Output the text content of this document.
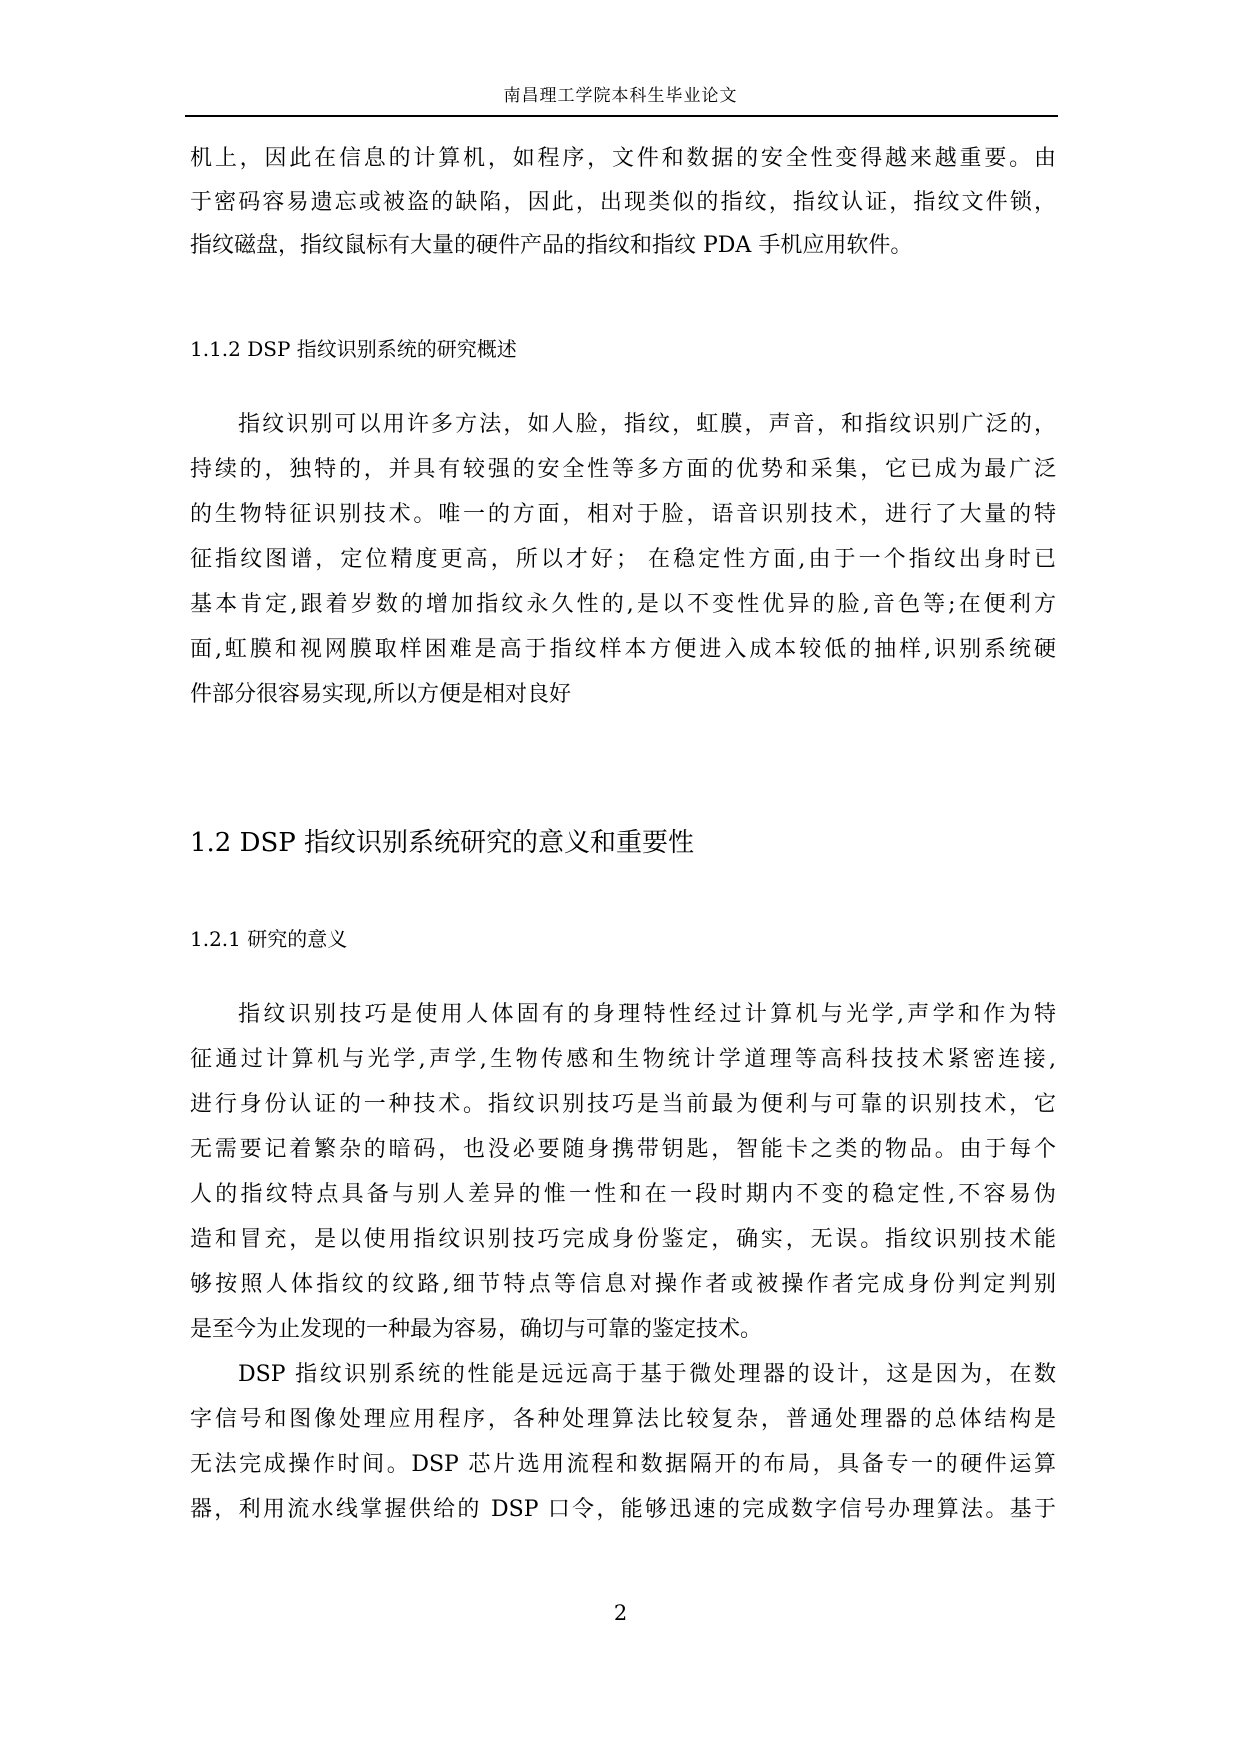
南昌理工学院本科生毕业论文
机上，因此在信息的计算机，如程序，文件和数据的安全性变得越来越重要。由
于密码容易遗忘或被盗的缺陷，因此，出现类似的指纹，指纹认证，指纹文件锁，
指纹磁盘，指纹鼠标有大量的硬件产品的指纹和指纹 PDA 手机应用软件。
1.1.2 DSP 指纹识别系统的研究概述
指纹识别可以用许多方法，如人脸，指纹，虹膜，声音，和指纹识别广泛的，
持续的，独特的，并具有较强的安全性等多方面的优势和采集，它已成为最广泛
的生物特征识别技术。唯一的方面，相对于脸，语音识别技术，进行了大量的特
征指纹图谱，定位精度更高，所以才好； 在稳定性方面,由于一个指纹出身时已
基本肯定,跟着岁数的增加指纹永久性的,是以不变性优异的脸,音色等;在便利方
面,虹膜和视网膜取样困难是高于指纹样本方便进入成本较低的抽样,识别系统硬
件部分很容易实现,所以方便是相对良好
1.2 DSP 指纹识别系统研究的意义和重要性
1.2.1 研究的意义
指纹识别技巧是使用人体固有的身理特性经过计算机与光学,声学和作为特
征通过计算机与光学,声学,生物传感和生物统计学道理等高科技技术紧密连接,
进行身份认证的一种技术。指纹识别技巧是当前最为便利与可靠的识别技术，它
无需要记着繁杂的暗码，也没必要随身携带钥匙，智能卡之类的物品。由于每个
人的指纹特点具备与别人差异的惟一性和在一段时期内不变的稳定性,不容易伪
造和冒充，是以使用指纹识别技巧完成身份鉴定，确实，无误。指纹识别技术能
够按照人体指纹的纹路,细节特点等信息对操作者或被操作者完成身份判定判别
是至今为止发现的一种最为容易，确切与可靠的鉴定技术。
DSP 指纹识别系统的性能是远远高于基于微处理器的设计，这是因为，在数
字信号和图像处理应用程序，各种处理算法比较复杂，普通处理器的总体结构是
无法完成操作时间。DSP 芯片选用流程和数据隔开的布局，具备专一的硬件运算
器，利用流水线掌握供给的 DSP 口令，能够迅速的完成数字信号办理算法。基于
2
